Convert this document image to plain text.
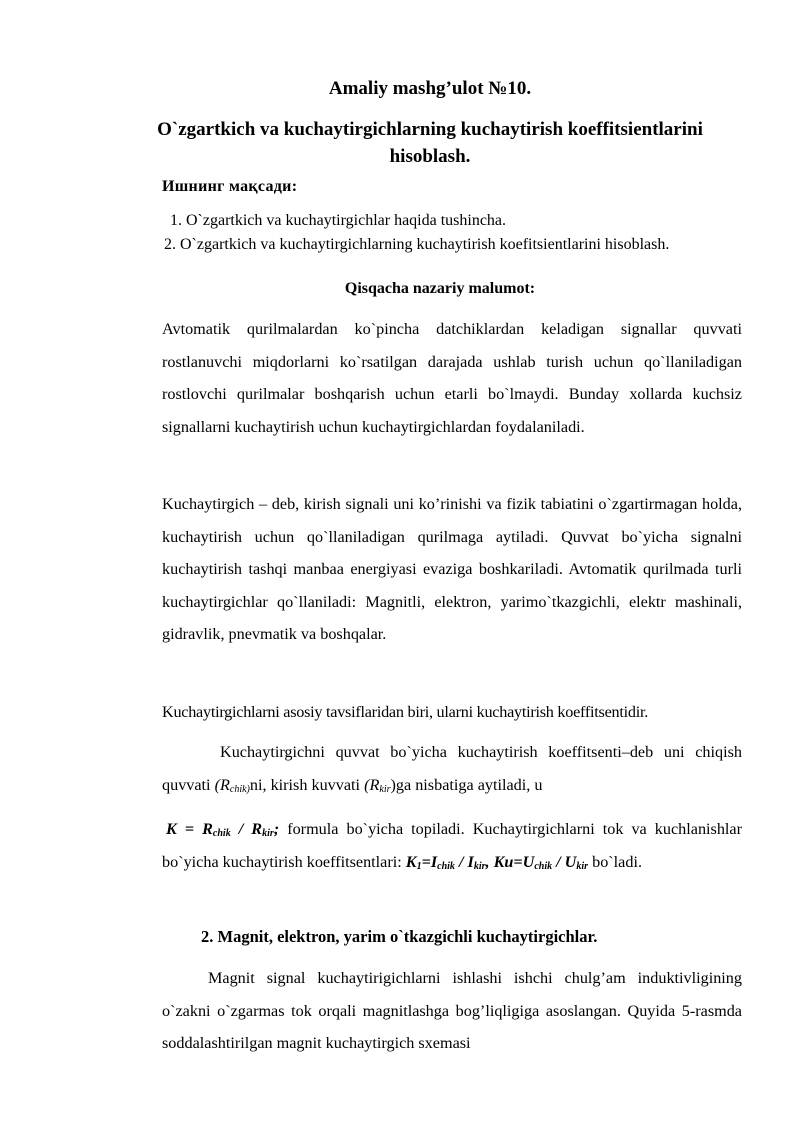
Amaliy mashg’ulot №10.
O`zgartkich va kuchaytirgichlarning kuchaytirish koeffitsientlarini hisoblash.
Ишнинг мақсади:
1. O`zgartkich va kuchaytirgichlar haqida tushincha.
2. O`zgartkich va kuchaytirgichlarning kuchaytirish koefitsientlarini hisoblash.
Qisqacha nazariy malumot:
Avtomatik qurilmalardan ko`pincha datchiklardan keladigan signallar quvvati rostlanuvchi miqdorlarni ko`rsatilgan darajada ushlab turish uchun qo`llaniladigan rostlovchi qurilmalar boshqarish uchun etarli bo`lmaydi. Bunday xollarda kuchsiz signallarni kuchaytirish uchun kuchaytirgichlardan foydalaniladi.
Kuchaytirgich – deb, kirish signali uni ko’rinishi va fizik tabiatini o`zgartirmagan holda, kuchaytirish uchun qo`llaniladigan qurilmaga aytiladi. Quvvat bo`yicha signalni kuchaytirish tashqi manbaa energiyasi evaziga boshkariladi. Avtomatik qurilmada turli kuchaytirgichlar qo`llaniladi: Magnitli, elektron, yarimo`tkazgichli, elektr mashinali, gidravlik, pnevmatik va boshqalar.
Kuchaytirgichlarni asosiy tavsiflaridan biri, ularni kuchaytirish koeffitsentidir.
Kuchaytirgichni quvvat bo`yicha kuchaytirish koeffitsenti–deb uni chiqish quvvati ($R_{chik)}ni$, kirish kuvvati $(R_{kir})ga$ nisbatiga aytiladi, u
$K = R_{chik} / R_{kir}$; formula bo`yicha topiladi. Kuchaytirgichlarni tok va kuchlanishlar bo`yicha kuchaytirish koeffitsentlari: $K_1=I_{chik} / I_{kir}$, $Ku=U_{chik} / U_{kir}$ bo`ladi.
2. Magnit, elektron, yarim o`tkazgichli kuchaytirgichlar.
Magnit signal kuchaytirigichlarni ishlashi ishchi chulg’am induktivligining o`zakni o`zgarmas tok orqali magnitlashga bog’liqligiga asoslangan. Quyida 5-rasmda soddalashtirilgan magnit kuchaytirgich sxemasi
